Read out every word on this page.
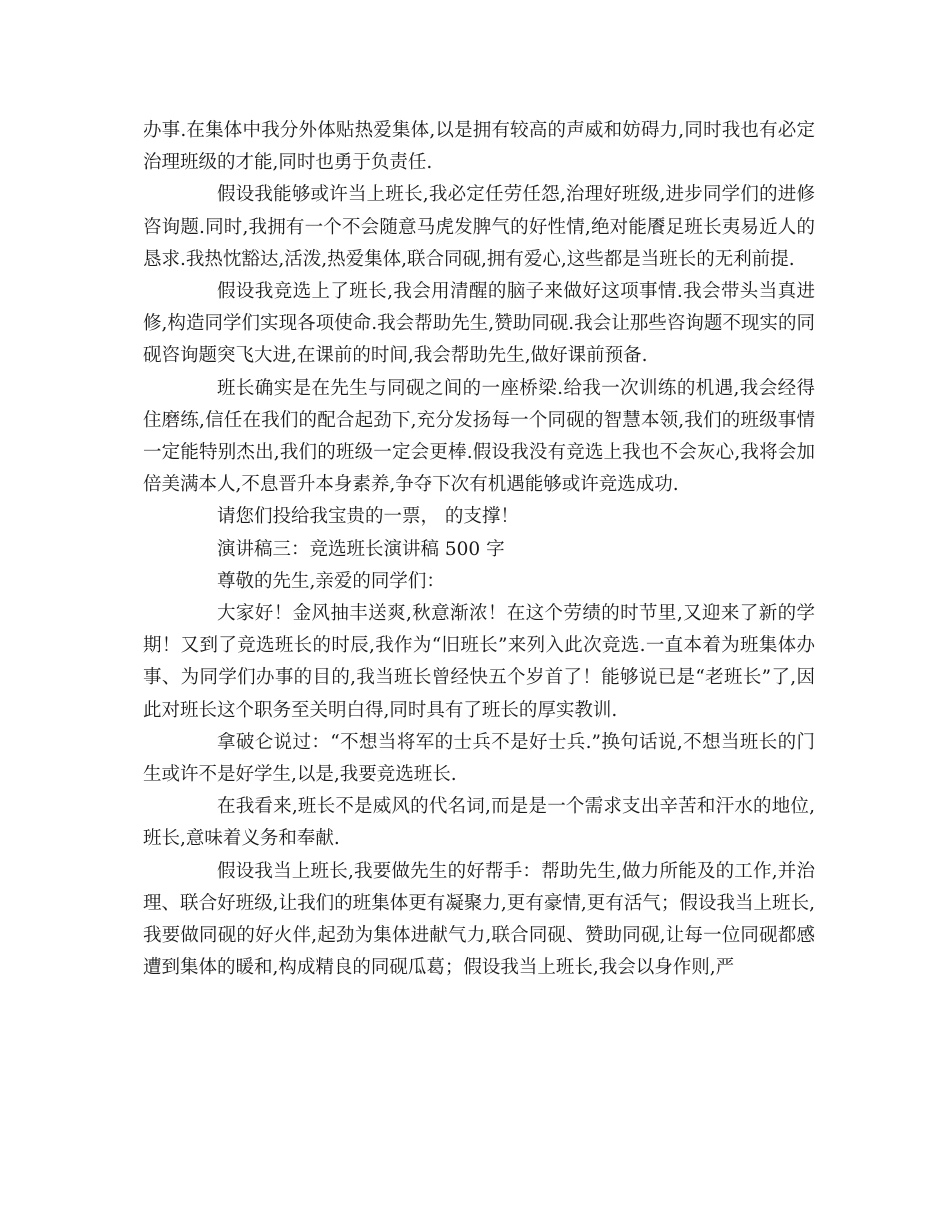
办事.在集体中我分外体贴热爱集体,以是拥有较高的声威和妨碍力,同时我也有必定治理班级的才能,同时也勇于负责任.

假设我能够或许当上班长,我必定任劳任怨,治理好班级,进步同学们的进修咨询题.同时,我拥有一个不会随意马虎发脾气的好性情,绝对能餍足班长夷易近人的恳求.我热忱豁达,活泼,热爱集体,联合同砚,拥有爱心,这些都是当班长的无利前提.

假设我竞选上了班长,我会用清醒的脑子来做好这项事情.我会带头当真进修,构造同学们实现各项使命.我会帮助先生,赞助同砚.我会让那些咨询题不现实的同砚咨询题突飞大进,在课前的时间,我会帮助先生,做好课前预备.

班长确实是在先生与同砚之间的一座桥梁.给我一次训练的机遇,我会经得住磨练,信任在我们的配合起劲下,充分发扬每一个同砚的智慧本领,我们的班级事情一定能特别杰出,我们的班级一定会更棒.假设我没有竞选上我也不会灰心,我将会加倍美满本人,不息晋升本身素养,争夺下次有机遇能够或许竞选成功.

请您们投给我宝贵的一票， 的支撑！

演讲稿三：竞选班长演讲稿 500 字

尊敬的先生,亲爱的同学们：

大家好！金风抽丰送爽,秋意渐浓！在这个劳绩的时节里,又迎来了新的学期！又到了竞选班长的时辰,我作为“旧班长”来列入此次竞选.一直本着为班集体办事、为同学们办事的目的,我当班长曾经快五个岁首了！能够说已是“老班长”了,因此对班长这个职务至关明白得,同时具有了班长的厚实教训.

拿破仑说过：“不想当将军的士兵不是好士兵.”换句话说,不想当班长的门生或许不是好学生,以是,我要竞选班长.

在我看来,班长不是威风的代名词,而是是一个需求支出辛苦和汗水的地位,班长,意味着义务和奉献.

假设我当上班长,我要做先生的好帮手：帮助先生,做力所能及的工作,并治理、联合好班级,让我们的班集体更有凝聚力,更有豪情,更有活气；假设我当上班长,我要做同砚的好火伴,起劲为集体进献气力,联合同砚、赞助同砚,让每一位同砚都感遭到集体的暖和,构成精良的同砚瓜葛；假设我当上班长,我会以身作则,严
